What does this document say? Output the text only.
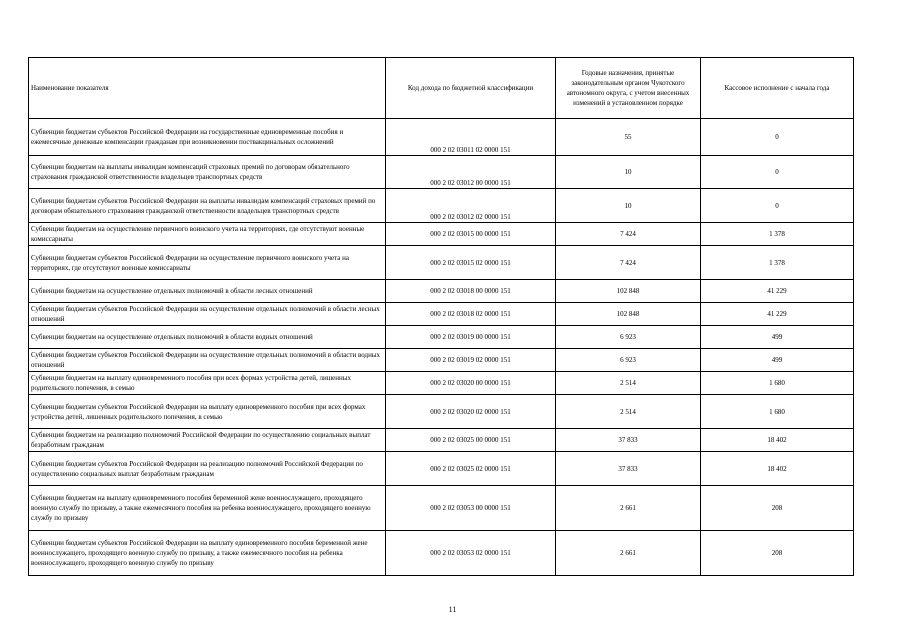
Наименование показателя	Код дохода по бюджетной классификации	Годовые назначения, принятые законодательным органом Чукотского автономного округа, с учетом внесенных изменений в установленном порядке	Кассовое исполнение с начала года
Субвенции бюджетам субъектов Российской Федерации на государственные единовременные пособия и ежемесячные денежные компенсации гражданам при возникновении поствакцинальных осложнений	000 2 02 03011 02 0000 151	55	0
Субвенции бюджетам на выплаты инвалидам компенсаций страховых премий по договорам обязательного страхования гражданской ответственности владельцев транспортных средств	000 2 02 03012 00 0000 151	10	0
Субвенции бюджетам субъектов Российской Федерации на выплаты инвалидам компенсаций страховых премий по договорам обязательного страхования гражданской ответственности владельцев транспортных средств	000 2 02 03012 02 0000 151	10	0
Субвенции бюджетам на осуществление первичного воинского учета на территориях, где отсутствуют военные комиссариаты	000 2 02 03015 00 0000 151	7 424	1 378
Субвенции бюджетам субъектов Российской Федерации на осуществление первичного воинского учета на территориях, где отсутствуют военные комиссариаты	000 2 02 03015 02 0000 151	7 424	1 378
Субвенции бюджетам на осуществление отдельных полномочий в области лесных отношений	000 2 02 03018 00 0000 151	102 848	41 229
Субвенции бюджетам субъектов Российской Федерации на осуществление отдельных полномочий в области лесных отношений	000 2 02 03018 02 0000 151	102 848	41 229
Субвенции бюджетам на осуществление отдельных полномочий в области водных отношений	000 2 02 03019 00 0000 151	6 923	499
Субвенции бюджетам субъектов Российской Федерации на осуществление отдельных полномочий в области водных отношений	000 2 02 03019 02 0000 151	6 923	499
Субвенции бюджетам на выплату единовременного пособия при всех формах устройства детей, лишенных родительского попечения, в семью	000 2 02 03020 00 0000 151	2 514	1 680
Субвенции бюджетам субъектов Российской Федерации на выплату единовременного пособия при всех формах устройства детей, лишенных родительского попечения, в семью	000 2 02 03020 02 0000 151	2 514	1 680
Субвенции бюджетам на реализацию полномочий Российской Федерации по осуществлению социальных выплат безработным гражданам	000 2 02 03025 00 0000 151	37 833	18 402
Субвенции бюджетам субъектов Российской Федерации на реализацию полномочий Российской Федерации по осуществлению социальных выплат безработным гражданам	000 2 02 03025 02 0000 151	37 833	18 402
Субвенции бюджетам на выплату единовременного пособия беременной жене военнослужащего, проходящего военную службу по призыву, а также ежемесячного пособия на ребенка военнослужащего, проходящего военную службу по призыву	000 2 02 03053 00 0000 151	2 661	208
Субвенции бюджетам субъектов Российской Федерации на выплату единовременного пособия беременной жене военнослужащего, проходящего военную службу по призыву, а также ежемесячного пособия на ребенка военнослужащего, проходящего военную службу по призыву	000 2 02 03053 02 0000 151	2 661	208
11
